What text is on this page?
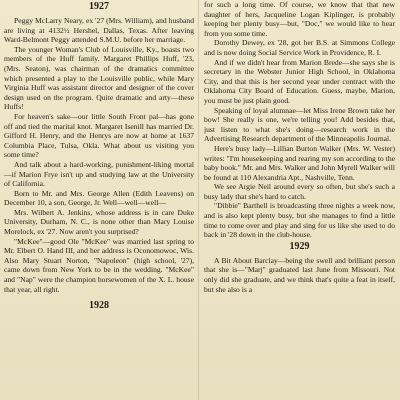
1927

Peggy McLarry Neary, ex '27 (Mrs. William), and husband are living at 4132½ Hershel, Dallas, Texas. After leaving Ward-Belmont Peggy attended S.M.U. before her marriage.

The younger Woman's Club of Louisville, Ky., boasts two members of the Huff family. Margaret Phillips Huff, '23, (Mrs. Seaton), was chairman of the dramatics committee which presented a play to the Louisville public, while Mary Virginia Huff was assistant director and designer of the cover design used on the program. Quite dramatic and arty—these Huffs!

For heaven's sake—our little South Front pal—has gone off and tied the marital knot. Margaret Isenill has married Dr. Gifford H. Henry, and the Henrys are now at home at 1637 Columbia Place, Tulsa, Okla. What about us visiting you some time?

And talk about a hard-working, punishment-liking mortal—if Marion Frye isn't up and studying law at the University of California.

Born to Mr. and Mrs. George Allen (Edith Leavens) on December 10, a son, George, Jr. Well—well—well—

Mrs. Wilbert A. Jenkins, whose address is in care Duke University, Durham, N. C., is none other than Mary Louise Morelock, ex '27. Now aren't you surprised?

"McKee"—good Ole "McKee" was married last spring to Mr. Elbert O. Hand III, and her address is Oconomowoc, Wis. Also Mary Stuart Norton, "Napoleon" (high school, '27), came down from New York to be in the wedding. "McKee" and "Nap" were the champion horsewomen of the X. L. house that year, all right.

1928

for such a long time. Of course, we know that that new daughter of hers, Jacqueline Logan Kiplinger, is probably keeping her plenty busy—but, "Doc," we would like to hear from you some time.

Dorothy Dewey, ex '28, got her B.S. at Simmons College and is now doing Social Service Work in Providence, R. I.

And if we didn't hear from Marion Brede—she says she is secretary in the Webster Junior High School, in Oklahoma City, and that this is her second year under contract with the Oklahoma City Board of Education. Guess, maybe, Marion, you must be just plain good.

Speaking of loyal alumnae—let Miss Irene Brown take her bow! She really is one, we're telling you! Add besides that, just listen to what she's doing—research work in the Advertising Research department of the Minneapolis Journal.

Here's busy lady—Lillian Burton Walker (Mrs. W. Vester) writes: "I'm housekeeping and rearing my son according to the baby book." Mr. and Mrs. Walker and John Myrell Walker will be found at 110 Alexandria Apt., Nashville, Tenn.

We see Argie Neil around every so often, but she's such a busy lady that she's hard to catch.

"Dibbie" Barthell is broadcasting three nights a week now, and is also kept plenty busy, but she manages to find a little time to come over and play and sing for us like she used to do back in '28 down in the club-house.

1929

A Bit About Barclay—being the swell and brilliant person that she is—"Marj" graduated last June from Missouri. Not only did she graduate, and we think that's quite a feat in itself, but she also is a
